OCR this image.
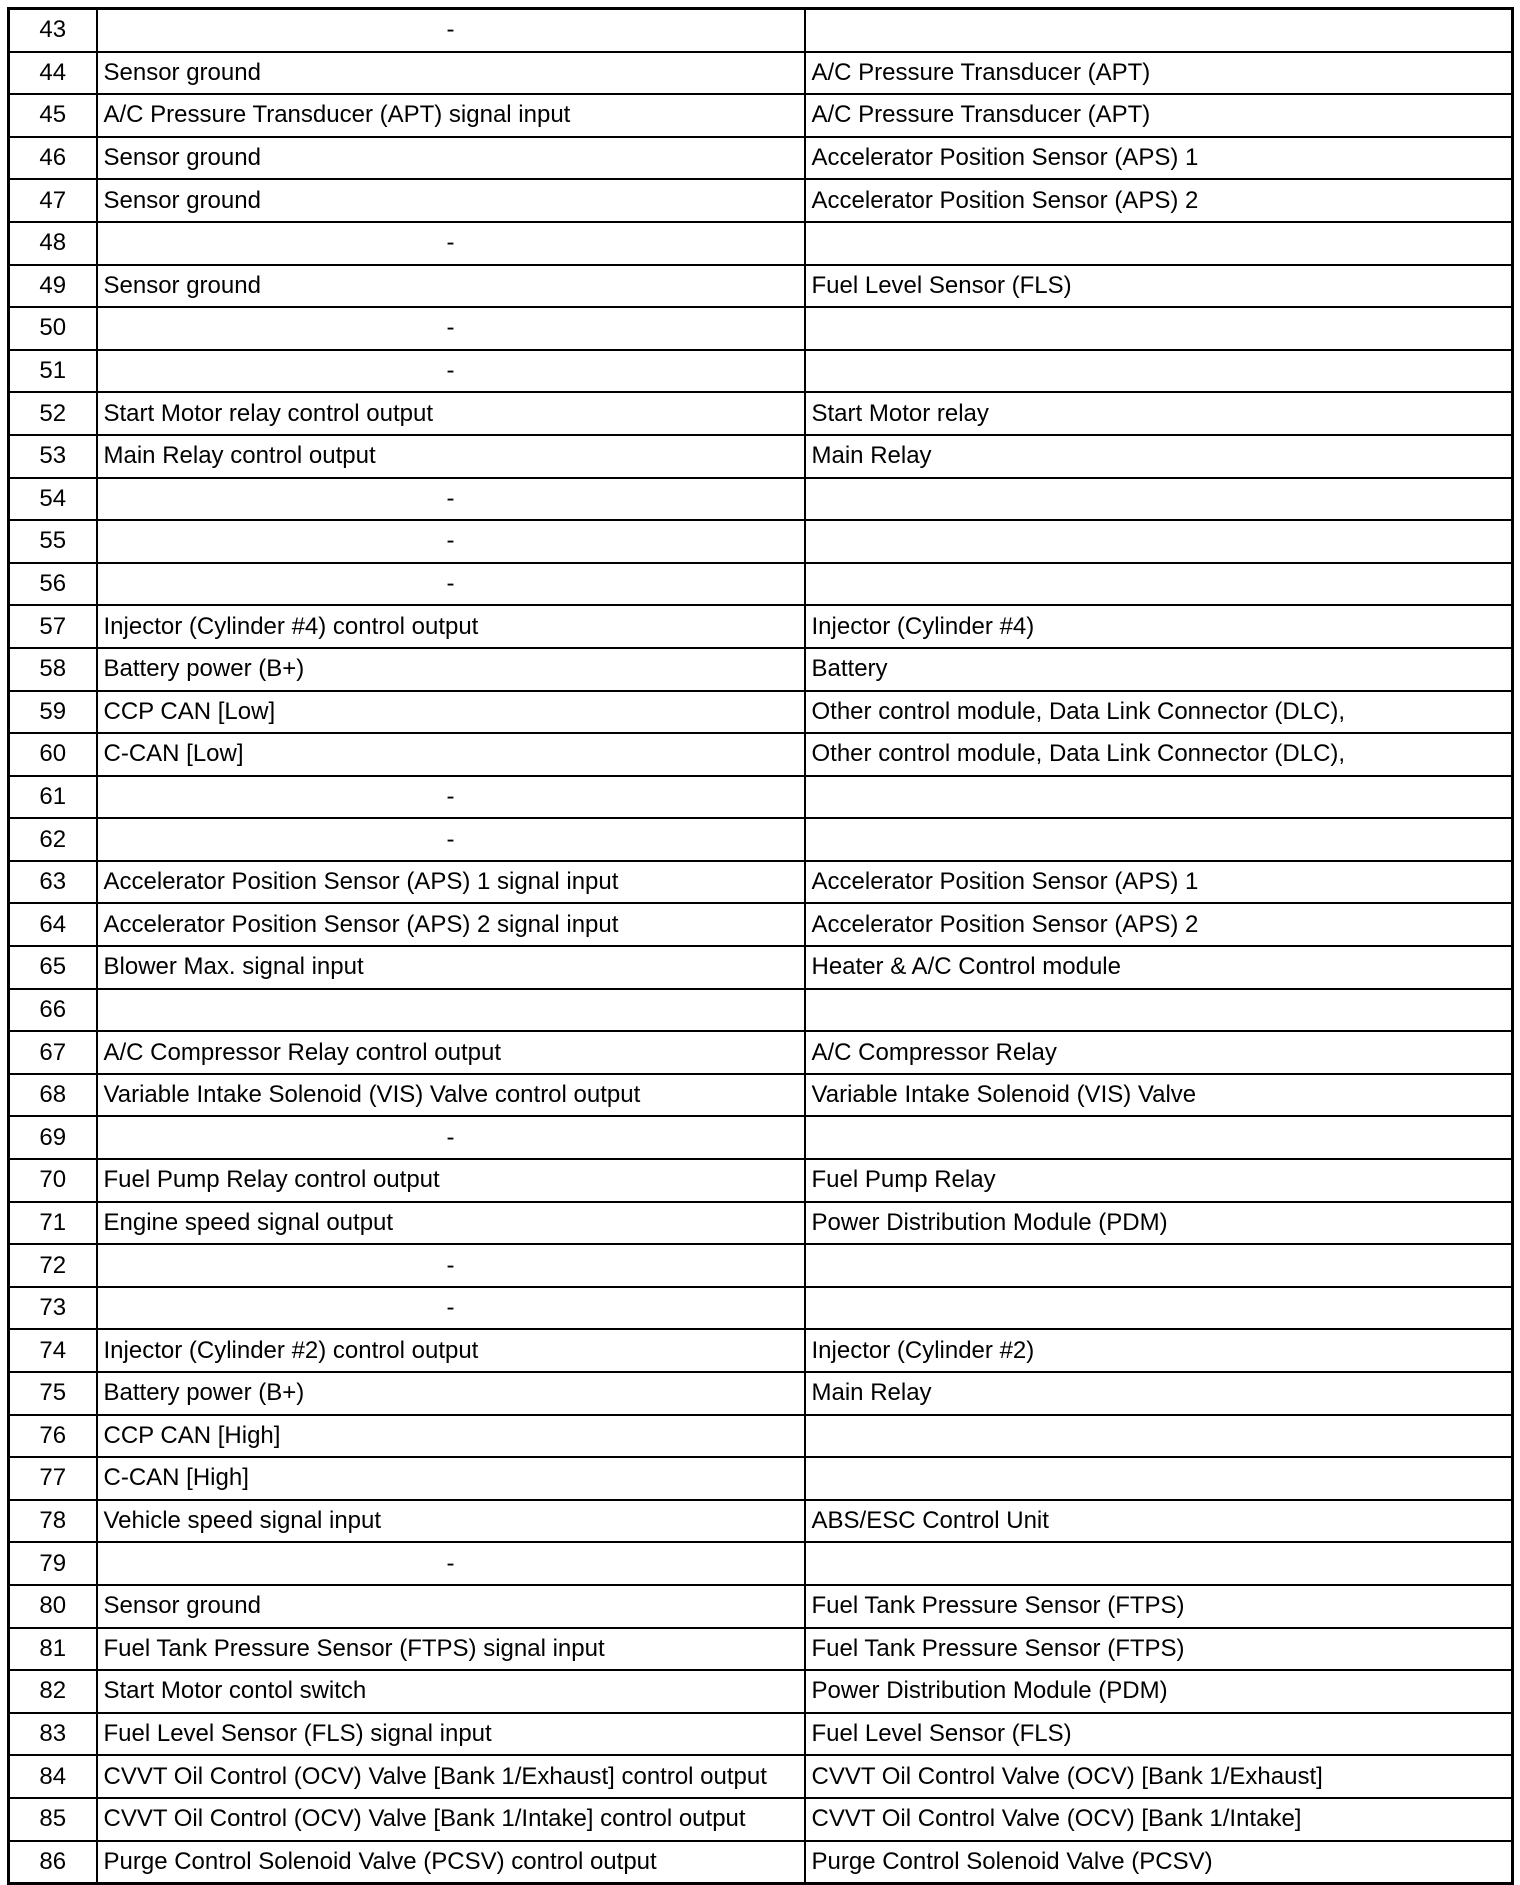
43	-	
44	Sensor ground	A/C Pressure Transducer (APT)
45	A/C Pressure Transducer (APT) signal input	A/C Pressure Transducer (APT)
46	Sensor ground	Accelerator Position Sensor (APS) 1
47	Sensor ground	Accelerator Position Sensor (APS) 2
48	-	
49	Sensor ground	Fuel Level Sensor (FLS)
50	-	
51	-	
52	Start Motor relay control output	Start Motor relay
53	Main Relay control output	Main Relay
54	-	
55	-	
56	-	
57	Injector (Cylinder #4) control output	Injector (Cylinder #4)
58	Battery power (B+)	Battery
59	CCP CAN [Low]	Other control module, Data Link Connector (DLC),
60	C-CAN [Low]	Other control module, Data Link Connector (DLC),
61	-	
62	-	
63	Accelerator Position Sensor (APS) 1 signal input	Accelerator Position Sensor (APS) 1
64	Accelerator Position Sensor (APS) 2 signal input	Accelerator Position Sensor (APS) 2
65	Blower Max. signal input	Heater & A/C Control module
66		
67	A/C Compressor Relay control output	A/C Compressor Relay
68	Variable Intake Solenoid (VIS) Valve control output	Variable Intake Solenoid (VIS) Valve
69	-	
70	Fuel Pump Relay control output	Fuel Pump Relay
71	Engine speed signal output	Power Distribution Module (PDM)
72	-	
73	-	
74	Injector (Cylinder #2) control output	Injector (Cylinder #2)
75	Battery power (B+)	Main Relay
76	CCP CAN [High]	
77	C-CAN [High]	
78	Vehicle speed signal input	ABS/ESC Control Unit
79	-	
80	Sensor ground	Fuel Tank Pressure Sensor (FTPS)
81	Fuel Tank Pressure Sensor (FTPS) signal input	Fuel Tank Pressure Sensor (FTPS)
82	Start Motor contol switch	Power Distribution Module (PDM)
83	Fuel Level Sensor (FLS) signal input	Fuel Level Sensor (FLS)
84	CVVT Oil Control (OCV) Valve [Bank 1/Exhaust] control output	CVVT Oil Control Valve (OCV) [Bank 1/Exhaust]
85	CVVT Oil Control (OCV) Valve [Bank 1/Intake] control output	CVVT Oil Control Valve (OCV) [Bank 1/Intake]
86	Purge Control Solenoid Valve (PCSV) control output	Purge Control Solenoid Valve (PCSV)
